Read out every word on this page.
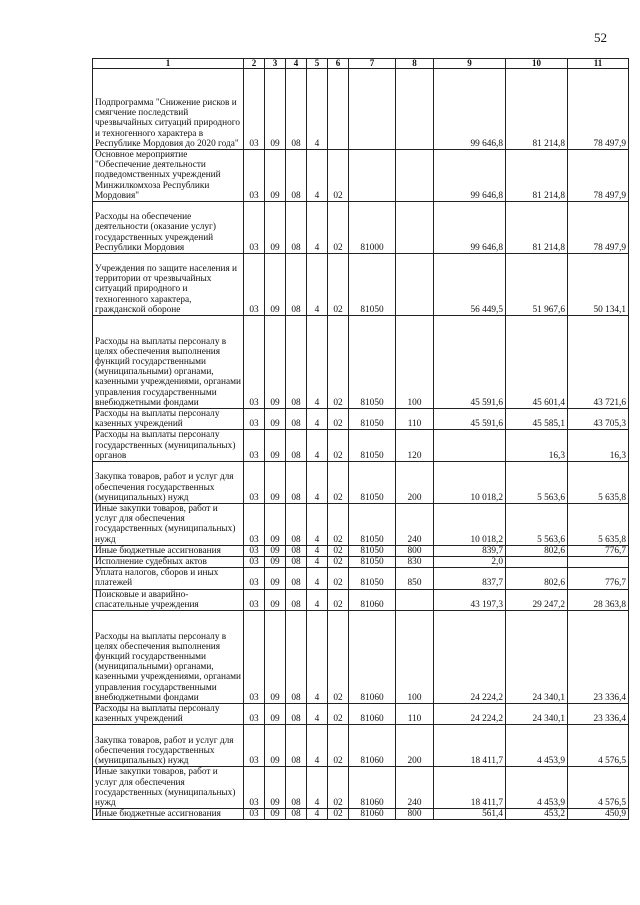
52
1	2	3	4	5	6	7	8	9	10	11
Подпрограмма "Снижение рисков и смягчение последствий чрезвычайных ситуаций природного и техногенного характера в Республике Мордовия до 2020 года"	03	09	08	4				99 646,8	81 214,8	78 497,9
Основное мероприятие "Обеспечение деятельности подведомственных учреждений Минжилкомхоза Республики Мордовия"	03	09	08	4	02			99 646,8	81 214,8	78 497,9
Расходы на обеспечение деятельности (оказание услуг) государственных учреждений Республики Мордовия	03	09	08	4	02	81000		99 646,8	81 214,8	78 497,9
Учреждения по защите населения и территории от чрезвычайных ситуаций природного и техногенного характера, гражданской обороне	03	09	08	4	02	81050		56 449,5	51 967,6	50 134,1
Расходы на выплаты персоналу в целях обеспечения выполнения функций государственными (муниципальными) органами, казенными учреждениями, органами управления государственными внебюджетными фондами	03	09	08	4	02	81050	100	45 591,6	45 601,4	43 721,6
Расходы на выплаты персоналу казенных учреждений	03	09	08	4	02	81050	110	45 591,6	45 585,1	43 705,3
Расходы на выплаты персоналу государственных (муниципальных) органов	03	09	08	4	02	81050	120		16,3	16,3
Закупка товаров, работ и услуг для обеспечения государственных (муниципальных) нужд	03	09	08	4	02	81050	200	10 018,2	5 563,6	5 635,8
Иные закупки товаров, работ и услуг для обеспечения государственных (муниципальных) нужд	03	09	08	4	02	81050	240	10 018,2	5 563,6	5 635,8
Иные бюджетные ассигнования	03	09	08	4	02	81050	800	839,7	802,6	776,7
Исполнение судебных актов	03	09	08	4	02	81050	830	2,0		
Уплата налогов, сборов и иных платежей	03	09	08	4	02	81050	850	837,7	802,6	776,7
Поисковые и аварийно-спасательные учреждения	03	09	08	4	02	81060		43 197,3	29 247,2	28 363,8
Расходы на выплаты персоналу в целях обеспечения выполнения функций государственными (муниципальными) органами, казенными учреждениями, органами управления государственными внебюджетными фондами	03	09	08	4	02	81060	100	24 224,2	24 340,1	23 336,4
Расходы на выплаты персоналу казенных учреждений	03	09	08	4	02	81060	110	24 224,2	24 340,1	23 336,4
Закупка товаров, работ и услуг для обеспечения государственных (муниципальных) нужд	03	09	08	4	02	81060	200	18 411,7	4 453,9	4 576,5
Иные закупки товаров, работ и услуг для обеспечения государственных (муниципальных) нужд	03	09	08	4	02	81060	240	18 411,7	4 453,9	4 576,5
Иные бюджетные ассигнования	03	09	08	4	02	81060	800	561,4	453,2	450,9
